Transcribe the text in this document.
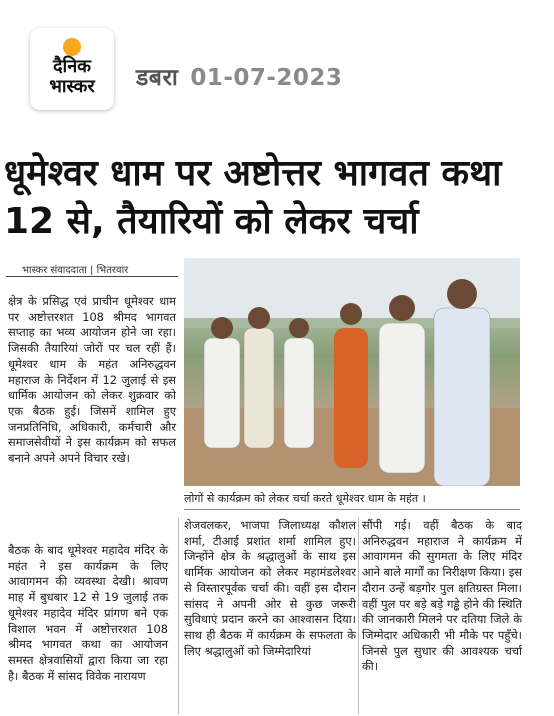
दैनिक
भास्कर	डबरा 01-07-2023
धूमेश्वर धाम पर अष्टोत्तर भागवत कथा 12 से, तैयारियों को लेकर चर्चा
भास्कर संवाददाता | भितरवार

क्षेत्र के प्रसिद्ध एवं प्राचीन धूमेश्वर धाम पर अष्टोत्तरशत 108 श्रीमद भागवत सप्ताह का भव्य आयोजन होने जा रहा। जिसकी तैयारियां जोरों पर चल रहीं हैं। धूमेश्वर धाम के महंत अनिरुद्धवन महाराज के निर्देशन में 12 जुलाई से इस धार्मिक आयोजन को लेकर शुक्रवार को एक बैठक हुई। जिसमें शामिल हुए जनप्रतिनिधि, अधिकारी, कर्मचारी और समाजसेवीयों ने इस कार्यक्रम को सफल बनाने अपने अपने विचार रखे।

लोगों से कार्यक्रम को लेकर चर्चा करते धूमेश्वर धाम के महंत ।

बैठक के बाद धूमेश्वर महादेव मंदिर के महंत ने इस कार्यक्रम के लिए आवागमन की व्यवस्था देखी। श्रावण माह में बुधबार 12 से 19 जुलाई तक धूमेश्वर महादेव मंदिर प्रांगण बने एक विशाल भवन में अष्टोत्तरशत 108 श्रीमद भागवत कथा का आयोजन समस्त क्षेत्रवासियों द्वारा किया जा रहा है। बैठक में सांसद विवेक नारायण

शेजवलकर, भाजपा जिलाध्यक्ष कौशल शर्मा, टीआई प्रशांत शर्मा शामिल हुए। जिन्होंने क्षेत्र के श्रद्धालुओं के साथ इस धार्मिक आयोजन को लेकर महामंडलेश्वर से विस्तारपूर्वक चर्चा की। वहीं इस दौरान सांसद ने अपनी ओर से कुछ जरूरी सुविधाएं प्रदान करने का आश्वासन दिया। साथ ही बैठक में कार्यक्रम के सफलता के लिए श्रद्धालुओं को जिम्मेदारियां

सौंपी गई। वहीं बैठक के बाद अनिरुद्धवन महाराज ने कार्यक्रम में आवागमन की सुगमता के लिए मंदिर आने बाले मार्गों का निरीक्षण किया। इस दौरान उन्हें बड़गोर पुल क्षतिग्रस्त मिला। वहीं पुल पर बड़े बड़े गड्ढे होने की स्थिति की जानकारी मिलने पर दतिया जिले के जिम्मेदार अधिकारी भी मौके पर पहुँचे। जिनसे पुल सुधार की आवश्यक चर्चा की।
